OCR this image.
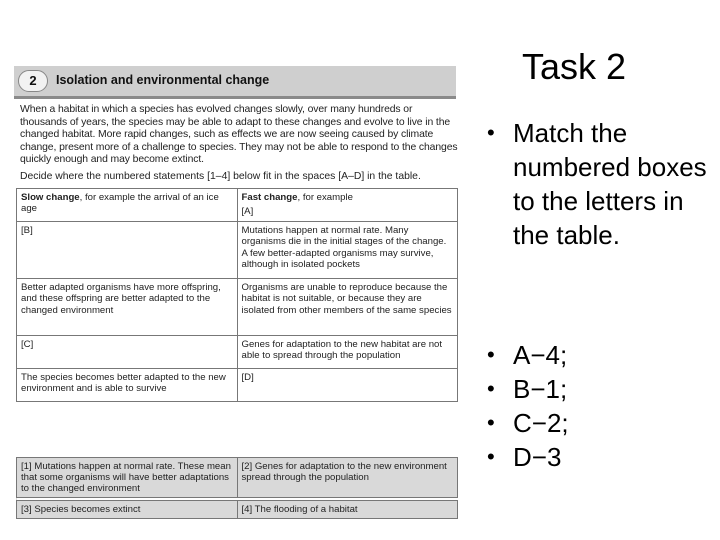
2	Isolation and environmental change
When a habitat in which a species has evolved changes slowly, over many hundreds or thousands of years, the species may be able to adapt to these changes and evolve to live in the changed habitat. More rapid changes, such as effects we are now seeing caused by climate change, present more of a challenge to species. They may not be able to respond to the changes quickly enough and may become extinct.
Decide where the numbered statements [1–4] below fit in the spaces [A–D] in the table.
Slow change, for example the arrival of an ice age	Fast change, for example
[A]

[B]	Mutations happen at normal rate. Many organisms die in the initial stages of the change. A few better-adapted organisms may survive, although in isolated pockets
Better adapted organisms have more offspring, and these offspring are better adapted to the changed environment	Organisms are unable to reproduce because the habitat is not suitable, or because they are isolated from other members of the same species
[C]	Genes for adaptation to the new habitat are not able to spread through the population
The species becomes better adapted to the new environment and is able to survive	[D]
[1] Mutations happen at normal rate. These mean that some organisms will have better adaptations to the changed environment	[2] Genes for adaptation to the new environment spread through the population

[3] Species becomes extinct	[4] The flooding of a habitat
Task 2
• Match the numbered boxes to the letters in the table.
• A−4;
• B−1;
• C−2;
• D−3
